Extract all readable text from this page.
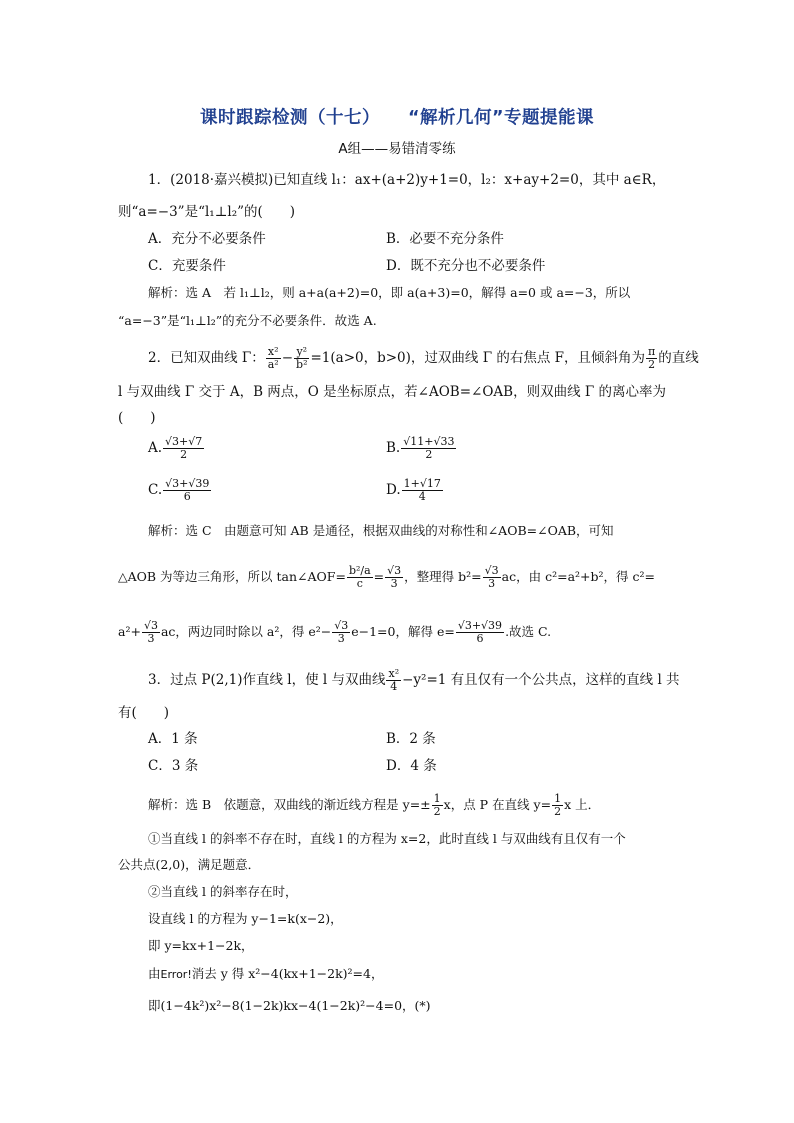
课时跟踪检测（十七） “解析几何”专题提能课
A组——易错清零练
1．(2018·嘉兴模拟)已知直线 l₁：ax+(a+2)y+1=0，l₂：x+ay+2=0，其中 a∈R，
则“a=−3”是“l₁⊥l₂”的(　　)
A．充分不必要条件	B．必要不充分条件
C．充要条件	D．既不充分也不必要条件
解析：选 A　若 l₁⊥l₂，则 a+a(a+2)=0，即 a(a+3)=0，解得 a=0 或 a=−3，所以
“a=−3”是“l₁⊥l₂”的充分不必要条件．故选 A.
2．已知双曲线 Γ： $\frac{\text{x²}}{\text{a²}} - \frac{\text{y²}}{\text{b²}} =1(a>0$，b>0)，过双曲线 Γ 的右焦点 F，且倾斜角为 $\frac{\pi}{2}$ 的直线
l 与双曲线 Γ 交于 A，B 两点，O 是坐标原点，若∠AOB=∠OAB，则双曲线 Γ 的离心率为
(　　)
A. $\frac{√3+√7}{2}$	B. $\frac{√11+√33}{2}$
C. $\frac{√3+√39}{6}$	D. $\frac{1+√17}{4}$
解析：选 C　由题意可知 AB 是通径，根据双曲线的对称性和∠AOB=∠OAB，可知
△AOB 为等边三角形，所以 tan∠AOF= $\frac{\text{b²/a}}{c} = \frac{√3}{3}$ ，整理得 $b^2= \frac{√3}{3}$ ac，由 c²=a²+b²，得 c²=
$a^2+ \frac{√3}{3}$ ac，两边同时除以 a²，得 $e^2- \frac{√3}{3} e-1=0$，解得 $e= \frac{√3+√39}{6}$ .故选 C.
3．过点 P(2,1)作直线 l，使 l 与双曲线 $\frac{\text{x²}}{4} -y^2=1$ 有且仅有一个公共点，这样的直线 l 共
有(　　)
A．1 条	B．2 条
C．3 条	D．4 条
解析：选 B　依题意，双曲线的渐近线方程是 $y=\pm \frac{1}{2}$ x，点 P 在直线 $y= \frac{1}{2}$ x 上．
①当直线 l 的斜率不存在时，直线 l 的方程为 x=2，此时直线 l 与双曲线有且仅有一个
公共点(2,0)，满足题意．
②当直线 l 的斜率存在时，
设直线 l 的方程为 y−1=k(x−2)，
即 y=kx+1−2k，
由Error!消去 y 得 x²−4(kx+1−2k)²=4，
即(1−4k²)x²−8(1−2k)kx−4(1−2k)²−4=0，(*)
